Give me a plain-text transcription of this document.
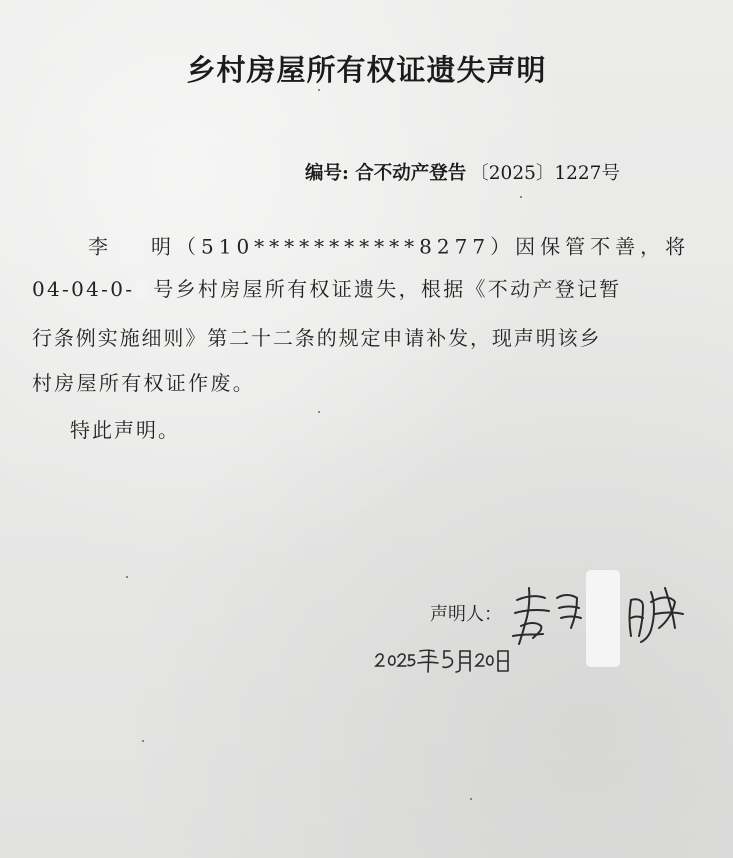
乡村房屋所有权证遗失声明
编号: 合不动产登告 〔2025〕1227号
李 明（510***********8277）因保管不善，将
04-04-0- 号乡村房屋所有权证遗失，根据《不动产登记暂
行条例实施细则》第二十二条的规定申请补发，现声明该乡
村房屋所有权证作废。
特此声明。
声明人：
